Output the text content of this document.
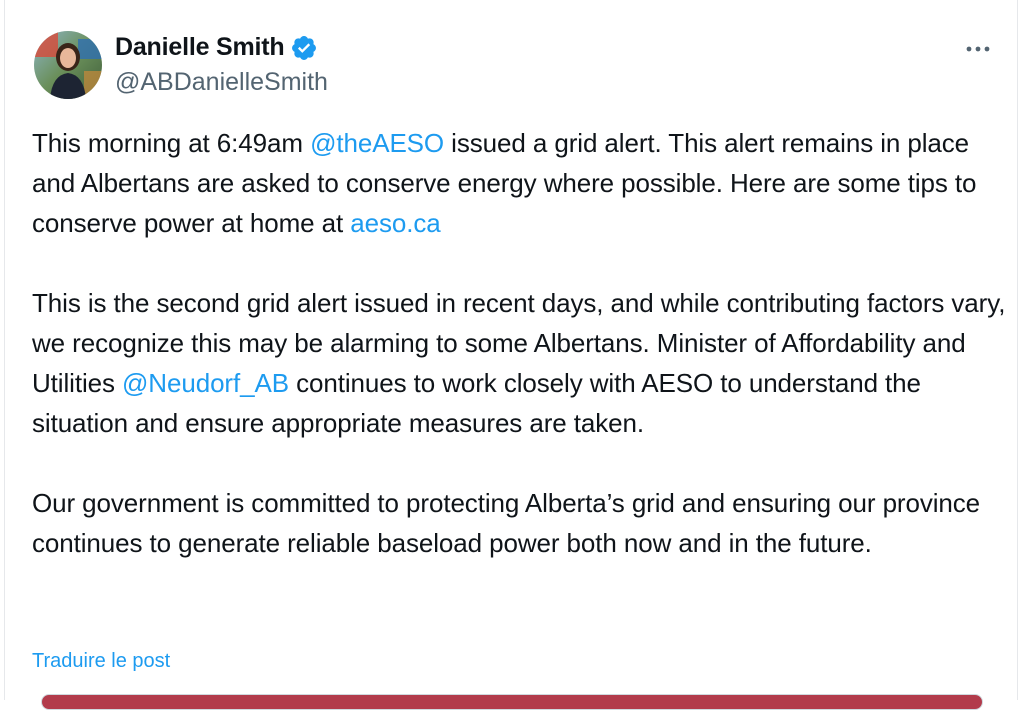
Danielle Smith
@ABDanielleSmith

This morning at 6:49am @theAESO issued a grid alert. This alert remains in place and Albertans are asked to conserve energy where possible. Here are some tips to conserve power at home at aeso.ca

This is the second grid alert issued in recent days, and while contributing factors vary, we recognize this may be alarming to some Albertans. Minister of Affordability and Utilities @Neudorf_AB continues to work closely with AESO to understand the situation and ensure appropriate measures are taken.

Our government is committed to protecting Alberta’s grid and ensuring our province continues to generate reliable baseload power both now and in the future.

Traduire le post
